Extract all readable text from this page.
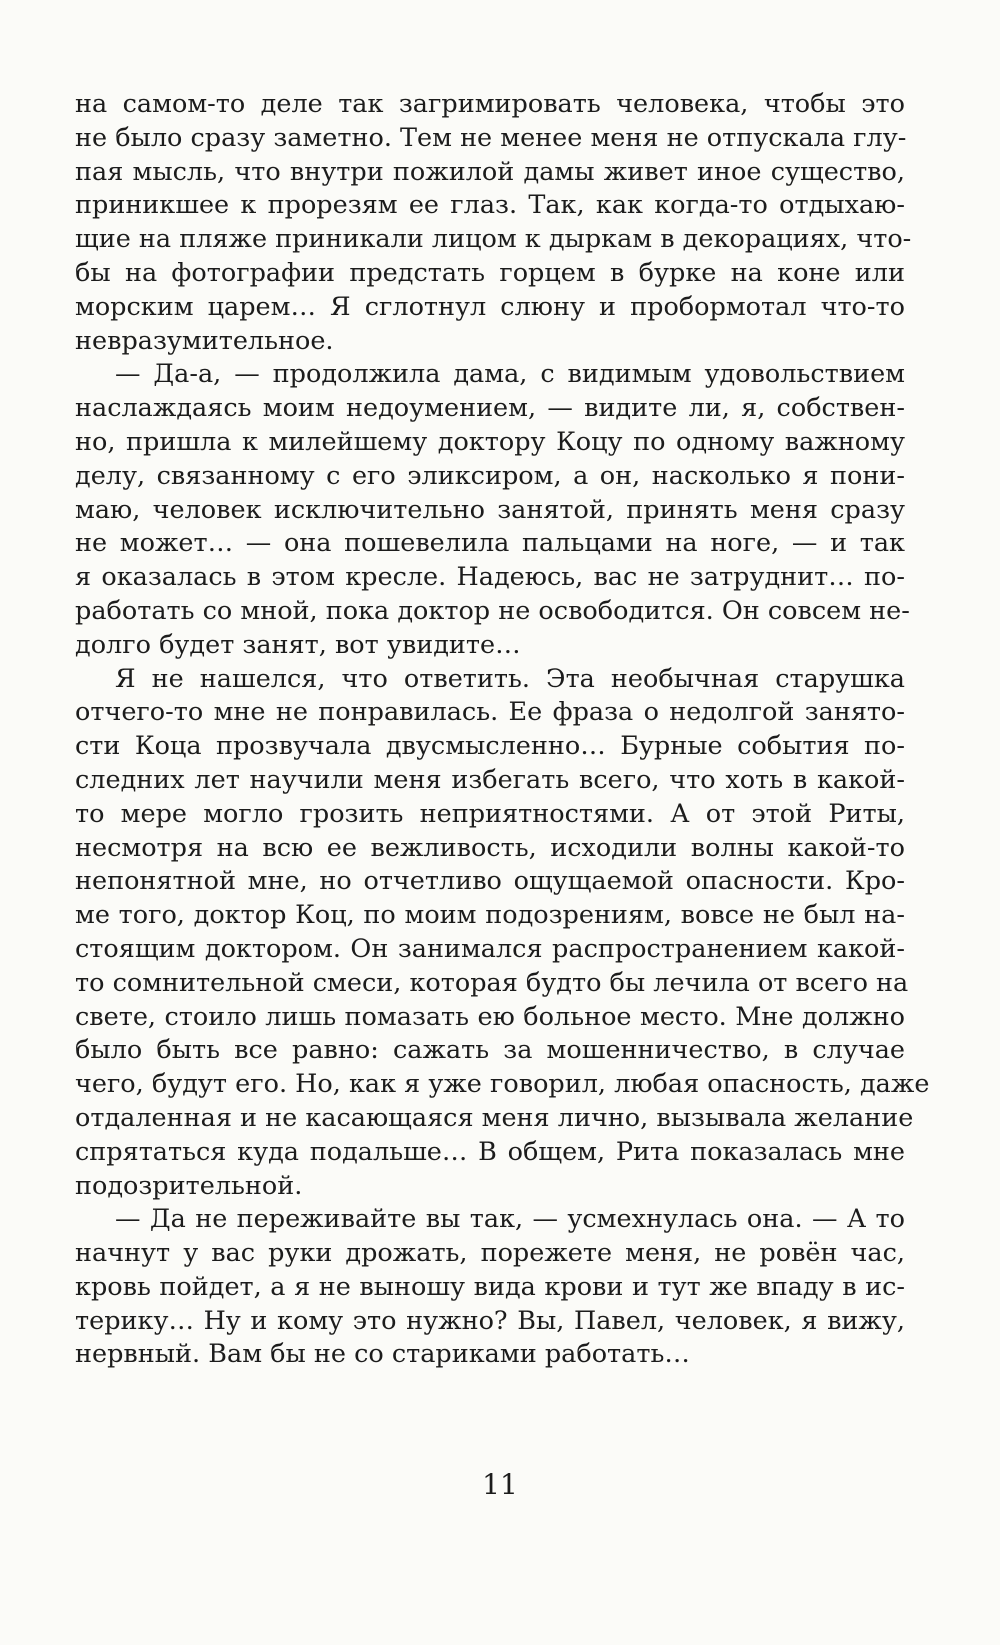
на самом-то деле так загримировать человека, чтобы это
не было сразу заметно. Тем не менее меня не отпускала глу-
пая мысль, что внутри пожилой дамы живет иное существо,
приникшее к прорезям ее глаз. Так, как когда-то отдыхаю-
щие на пляже приникали лицом к дыркам в декорациях, что-
бы на фотографии предстать горцем в бурке на коне или
морским царем… Я сглотнул слюну и пробормотал что-то
невразумительное.
— Да-а, — продолжила дама, с видимым удовольствием
наслаждаясь моим недоумением, — видите ли, я, собствен-
но, пришла к милейшему доктору Коцу по одному важному
делу, связанному с его эликсиром, а он, насколько я пони-
маю, человек исключительно занятой, принять меня сразу
не может… — она пошевелила пальцами на ноге, — и так
я оказалась в этом кресле. Надеюсь, вас не затруднит… по-
работать со мной, пока доктор не освободится. Он совсем не-
долго будет занят, вот увидите…
Я не нашелся, что ответить. Эта необычная старушка
отчего-то мне не понравилась. Ее фраза о недолгой занято-
сти Коца прозвучала двусмысленно… Бурные события по-
следних лет научили меня избегать всего, что хоть в какой-
то мере могло грозить неприятностями. А от этой Риты,
несмотря на всю ее вежливость, исходили волны какой-то
непонятной мне, но отчетливо ощущаемой опасности. Кро-
ме того, доктор Коц, по моим подозрениям, вовсе не был на-
стоящим доктором. Он занимался распространением какой-
то сомнительной смеси, которая будто бы лечила от всего на
свете, стоило лишь помазать ею больное место. Мне должно
было быть все равно: сажать за мошенничество, в случае
чего, будут его. Но, как я уже говорил, любая опасность, даже
отдаленная и не касающаяся меня лично, вызывала желание
спрятаться куда подальше… В общем, Рита показалась мне
подозрительной.
— Да не переживайте вы так, — усмехнулась она. — А то
начнут у вас руки дрожать, порежете меня, не ровён час,
кровь пойдет, а я не выношу вида крови и тут же впаду в ис-
терику… Ну и кому это нужно? Вы, Павел, человек, я вижу,
нервный. Вам бы не со стариками работать…
11
